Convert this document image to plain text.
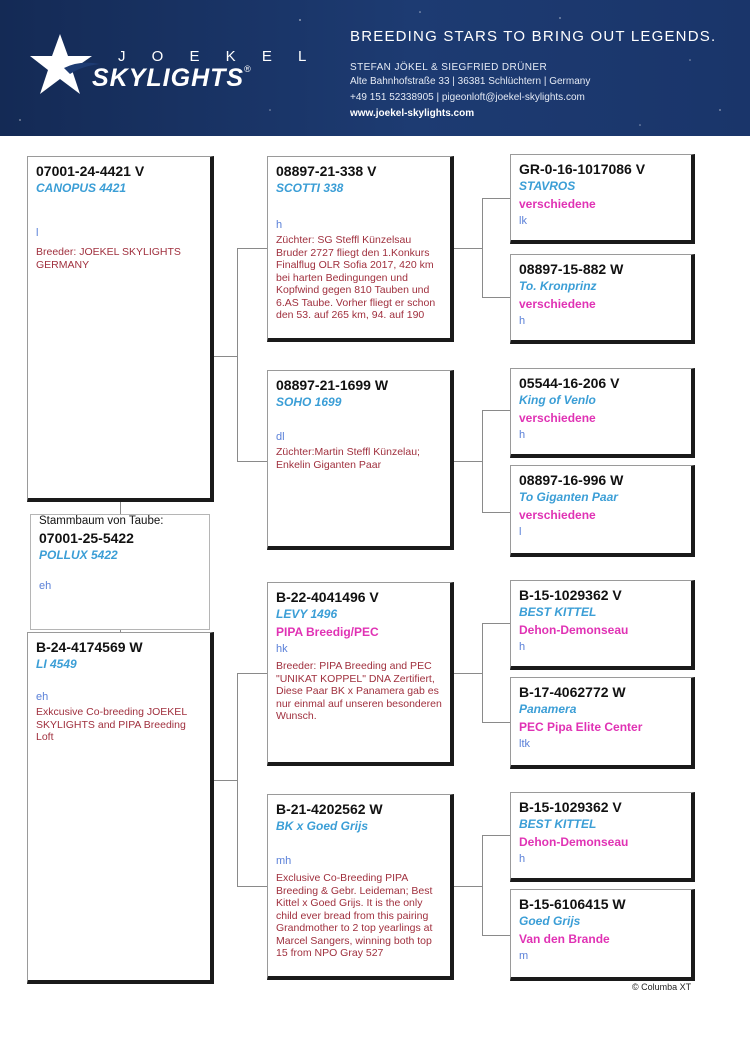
J O E K E L
SKYLIGHTS®
BREEDING STARS TO BRING OUT LEGENDS.
STEFAN JÖKEL & SIEGFRIED DRÜNER
Alte Bahnhofstraße 33 | 36381 Schlüchtern | Germany
+49 151 52338905 | pigeonloft@joekel-skylights.com
www.joekel-skylights.com
07001-24-4421 V
CANOPUS 4421
l
Breeder: JOEKEL SKYLIGHTS GERMANY
Stammbaum von Taube:
07001-25-5422
POLLUX 5422
eh
B-24-4174569 W
LI 4549
eh
Exkcusive Co-breeding JOEKEL SKYLIGHTS and PIPA Breeding Loft
08897-21-338 V
SCOTTI 338
h
Züchter: SG Steffl Künzelsau Bruder 2727 fliegt den 1.Konkurs Finalflug OLR Sofia 2017, 420 km bei harten Bedingungen und Kopfwind gegen 810 Tauben und 6.AS Taube. Vorher fliegt er schon den 53. auf 265 km, 94. auf 190
08897-21-1699 W
SOHO 1699
dl
Züchter:Martin Steffl Künzelau; Enkelin Giganten Paar
B-22-4041496 V
LEVY 1496
PIPA Breedig/PEC
hk
Breeder: PIPA Breeding and PEC "UNIKAT KOPPEL" DNA Zertifiert, Diese Paar BK x Panamera gab es nur einmal auf unseren besonderen Wunsch.
B-21-4202562 W
BK x Goed Grijs
mh
Exclusive Co-Breeding PIPA Breeding & Gebr. Leideman; Best Kittel x Goed Grijs. It is the only child ever bread from this pairing Grandmother to 2 top yearlings at Marcel Sangers, winning both top 15 from NPO Gray 527
GR-0-16-1017086 V
STAVROS
verschiedene
lk
08897-15-882 W
To. Kronprinz
verschiedene
h
05544-16-206 V
King of Venlo
verschiedene
h
08897-16-996 W
To Giganten Paar
verschiedene
l
B-15-1029362 V
BEST KITTEL
Dehon-Demonseau
h
B-17-4062772 W
Panamera
PEC Pipa Elite Center
ltk
B-15-1029362 V
BEST KITTEL
Dehon-Demonseau
h
B-15-6106415 W
Goed Grijs
Van den Brande
m
© Columba XT
